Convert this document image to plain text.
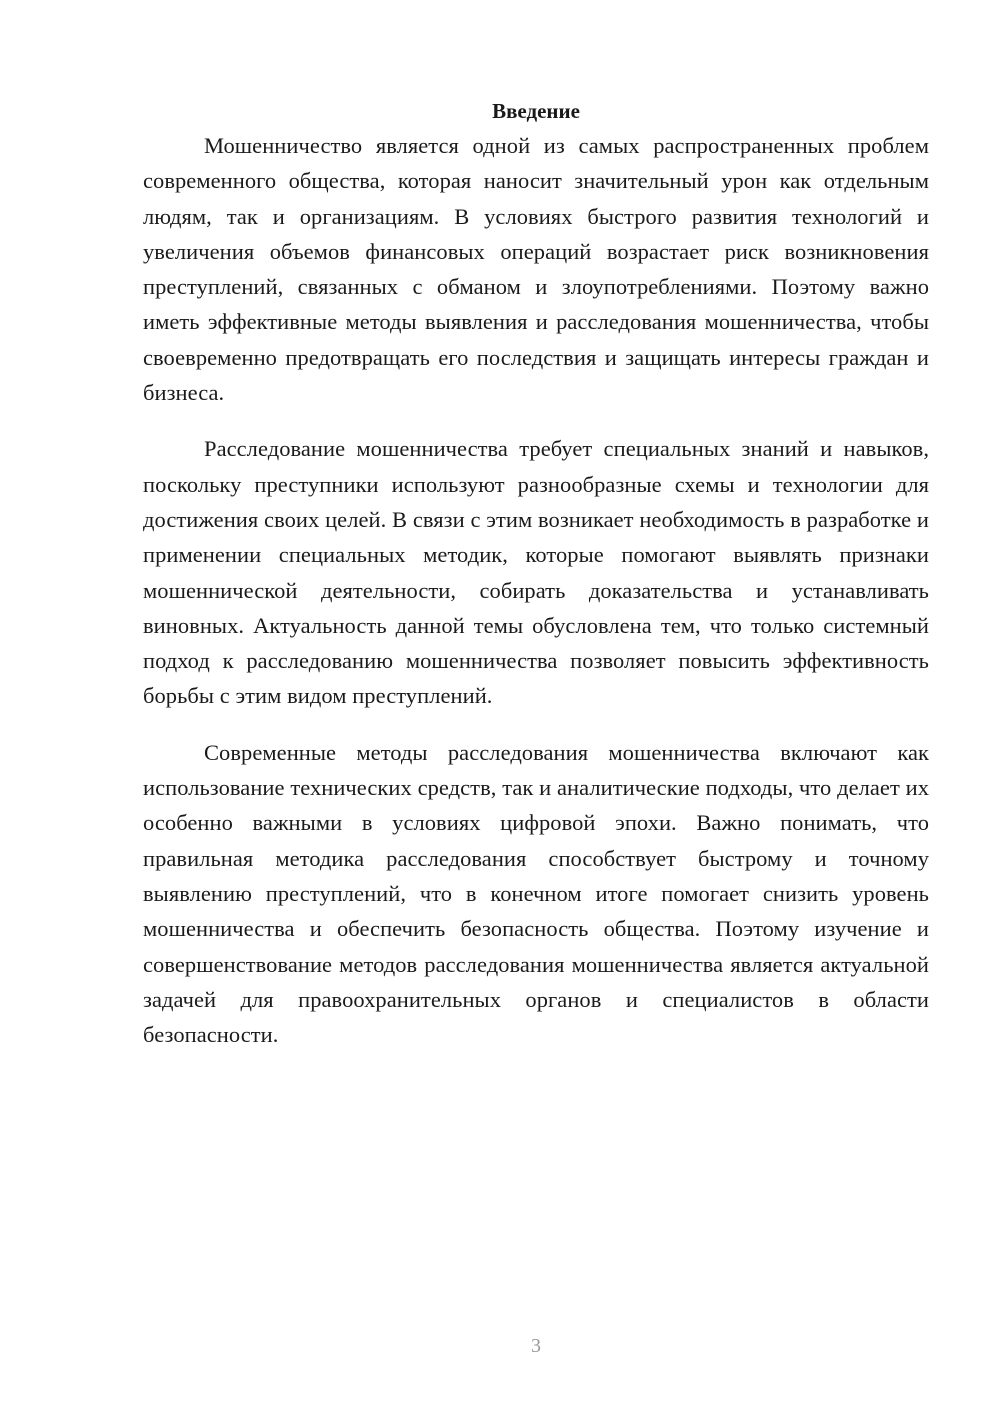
Введение

Мошенничество является одной из самых распространенных проблем современного общества, которая наносит значительный урон как отдельным людям, так и организациям. В условиях быстрого развития технологий и увеличения объемов финансовых операций возрастает риск возникновения преступлений, связанных с обманом и злоупотреблениями. Поэтому важно иметь эффективные методы выявления и расследования мошенничества, чтобы своевременно предотвращать его последствия и защищать интересы граждан и бизнеса.

Расследование мошенничества требует специальных знаний и навыков, поскольку преступники используют разнообразные схемы и технологии для достижения своих целей. В связи с этим возникает необходимость в разработке и применении специальных методик, которые помогают выявлять признаки мошеннической деятельности, собирать доказательства и устанавливать виновных. Актуальность данной темы обусловлена тем, что только системный подход к расследованию мошенничества позволяет повысить эффективность борьбы с этим видом преступлений.

Современные методы расследования мошенничества включают как использование технических средств, так и аналитические подходы, что делает их особенно важными в условиях цифровой эпохи. Важно понимать, что правильная методика расследования способствует быстрому и точному выявлению преступлений, что в конечном итоге помогает снизить уровень мошенничества и обеспечить безопасность общества. Поэтому изучение и совершенствование методов расследования мошенничества является актуальной задачей для правоохранительных органов и специалистов в области безопасности.

3
